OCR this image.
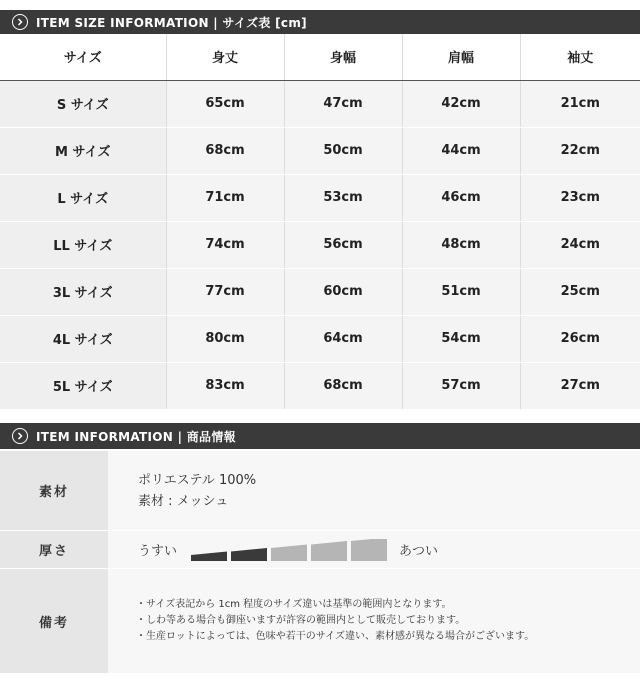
ITEM SIZE INFORMATION | サイズ表 [cm]
サイズ	身丈	身幅	肩幅	袖丈
S サイズ	65cm	47cm	42cm	21cm
M サイズ	68cm	50cm	44cm	22cm
L サイズ	71cm	53cm	46cm	23cm
LL サイズ	74cm	56cm	48cm	24cm
3L サイズ	77cm	60cm	51cm	25cm
4L サイズ	80cm	64cm	54cm	26cm
5L サイズ	83cm	68cm	57cm	27cm
ITEM INFORMATION | 商品情報
素材
ポリエステル 100%
素材 : メッシュ
厚さ	うすい	あつい
備考
・サイズ表記から 1cm 程度のサイズ違いは基準の範囲内となります。
・しわ等ある場合も御座いますが許容の範囲内として販売しております。
・生産ロットによっては、色味や若干のサイズ違い、素材感が異なる場合がございます。
